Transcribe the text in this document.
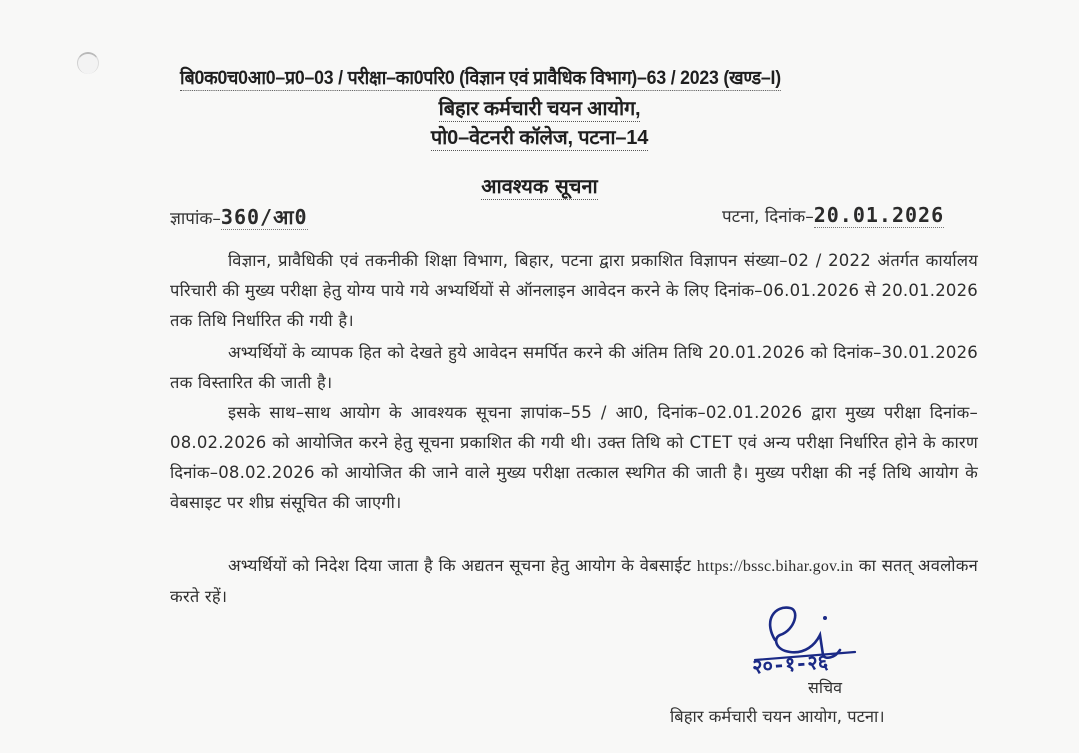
बि0क0च0आ0–प्र0–03 / परीक्षा–का0परि0 (विज्ञान एवं प्रावैधिक विभाग)–63 / 2023 (खण्ड–I)
बिहार कर्मचारी चयन आयोग,
पो0–वेटनरी कॉलेज, पटना–14
आवश्यक सूचना
ज्ञापांक–360/आ0	पटना, दिनांक–20.01.2026
विज्ञान, प्रावैधिकी एवं तकनीकी शिक्षा विभाग, बिहार, पटना द्वारा प्रकाशित विज्ञापन संख्या–02 / 2022 अंतर्गत कार्यालय परिचारी की मुख्य परीक्षा हेतु योग्य पाये गये अभ्यर्थियों से ऑनलाइन आवेदन करने के लिए दिनांक–06.01.2026 से 20.01.2026 तक तिथि निर्धारित की गयी है।
अभ्यर्थियों के व्यापक हित को देखते हुये आवेदन समर्पित करने की अंतिम तिथि 20.01.2026 को दिनांक–30.01.2026 तक विस्तारित की जाती है।
इसके साथ–साथ आयोग के आवश्यक सूचना ज्ञापांक–55 / आ0, दिनांक–02.01.2026 द्वारा मुख्य परीक्षा दिनांक–08.02.2026 को आयोजित करने हेतु सूचना प्रकाशित की गयी थी। उक्त तिथि को CTET एवं अन्य परीक्षा निर्धारित होने के कारण दिनांक–08.02.2026 को आयोजित की जाने वाले मुख्य परीक्षा तत्काल स्थगित की जाती है। मुख्य परीक्षा की नई तिथि आयोग के वेबसाइट पर शीघ्र संसूचित की जाएगी।
अभ्यर्थियों को निदेश दिया जाता है कि अद्यतन सूचना हेतु आयोग के वेबसाईट https://bssc.bihar.gov.in का सतत् अवलोकन करते रहें।
२०-१-२६
सचिव
बिहार कर्मचारी चयन आयोग, पटना।
